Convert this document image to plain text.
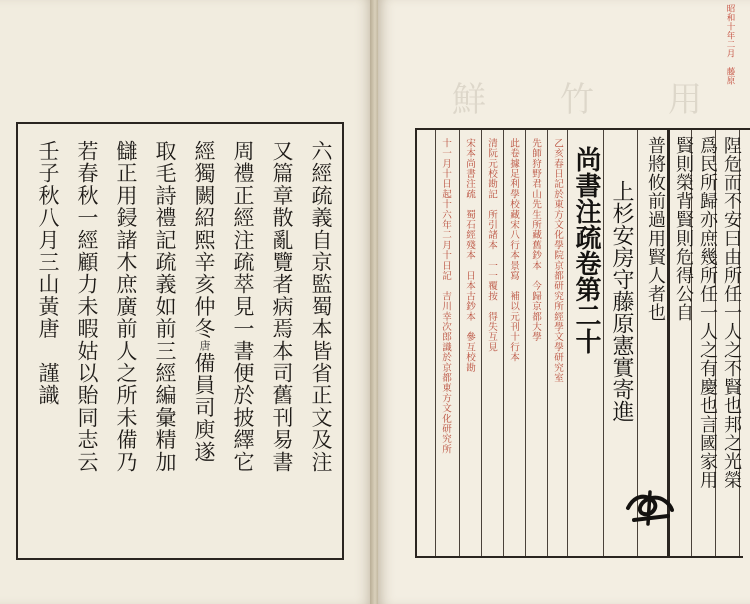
六經疏義自京監蜀本皆省正文及注
又篇章散亂覽者病焉本司舊刊易書
周禮正經注疏萃見一書便於披繹它
經獨闕紹熙辛亥仲冬唐備員司庾遂
取毛詩禮記疏義如前三經編彙精加
讎正用鋟諸木庶廣前人之所未備乃
若春秋一經顧力未暇姑以貽同志云
壬子秋八月三山黃唐　謹識
昭和十年二月　藤原
鮮 竹 用
十一月十日起十六年二月十日記　吉川幸次郎識於京都東方文化研究所 宋本尚書注疏　蜀石經殘本　日本古鈔本　參互校勘 清阮元校勘記　所引諸本　一一覆按　得失互見 此卷據足利學校藏宋八行本景寫　補以元刊十行本 先師狩野君山先生所藏舊鈔本　今歸京都大學 乙亥春日記於東方文化學院京都研究所經學文學研究室 尚書注疏卷第二十 上杉安房守藤原憲實寄進 普將攸前過用賢人者也 賢則榮背賢則危得公自 爲民所歸亦庶幾所任一人之有慶也言國家用 陧危而不安曰由所任一人之不賢也邦之光榮
